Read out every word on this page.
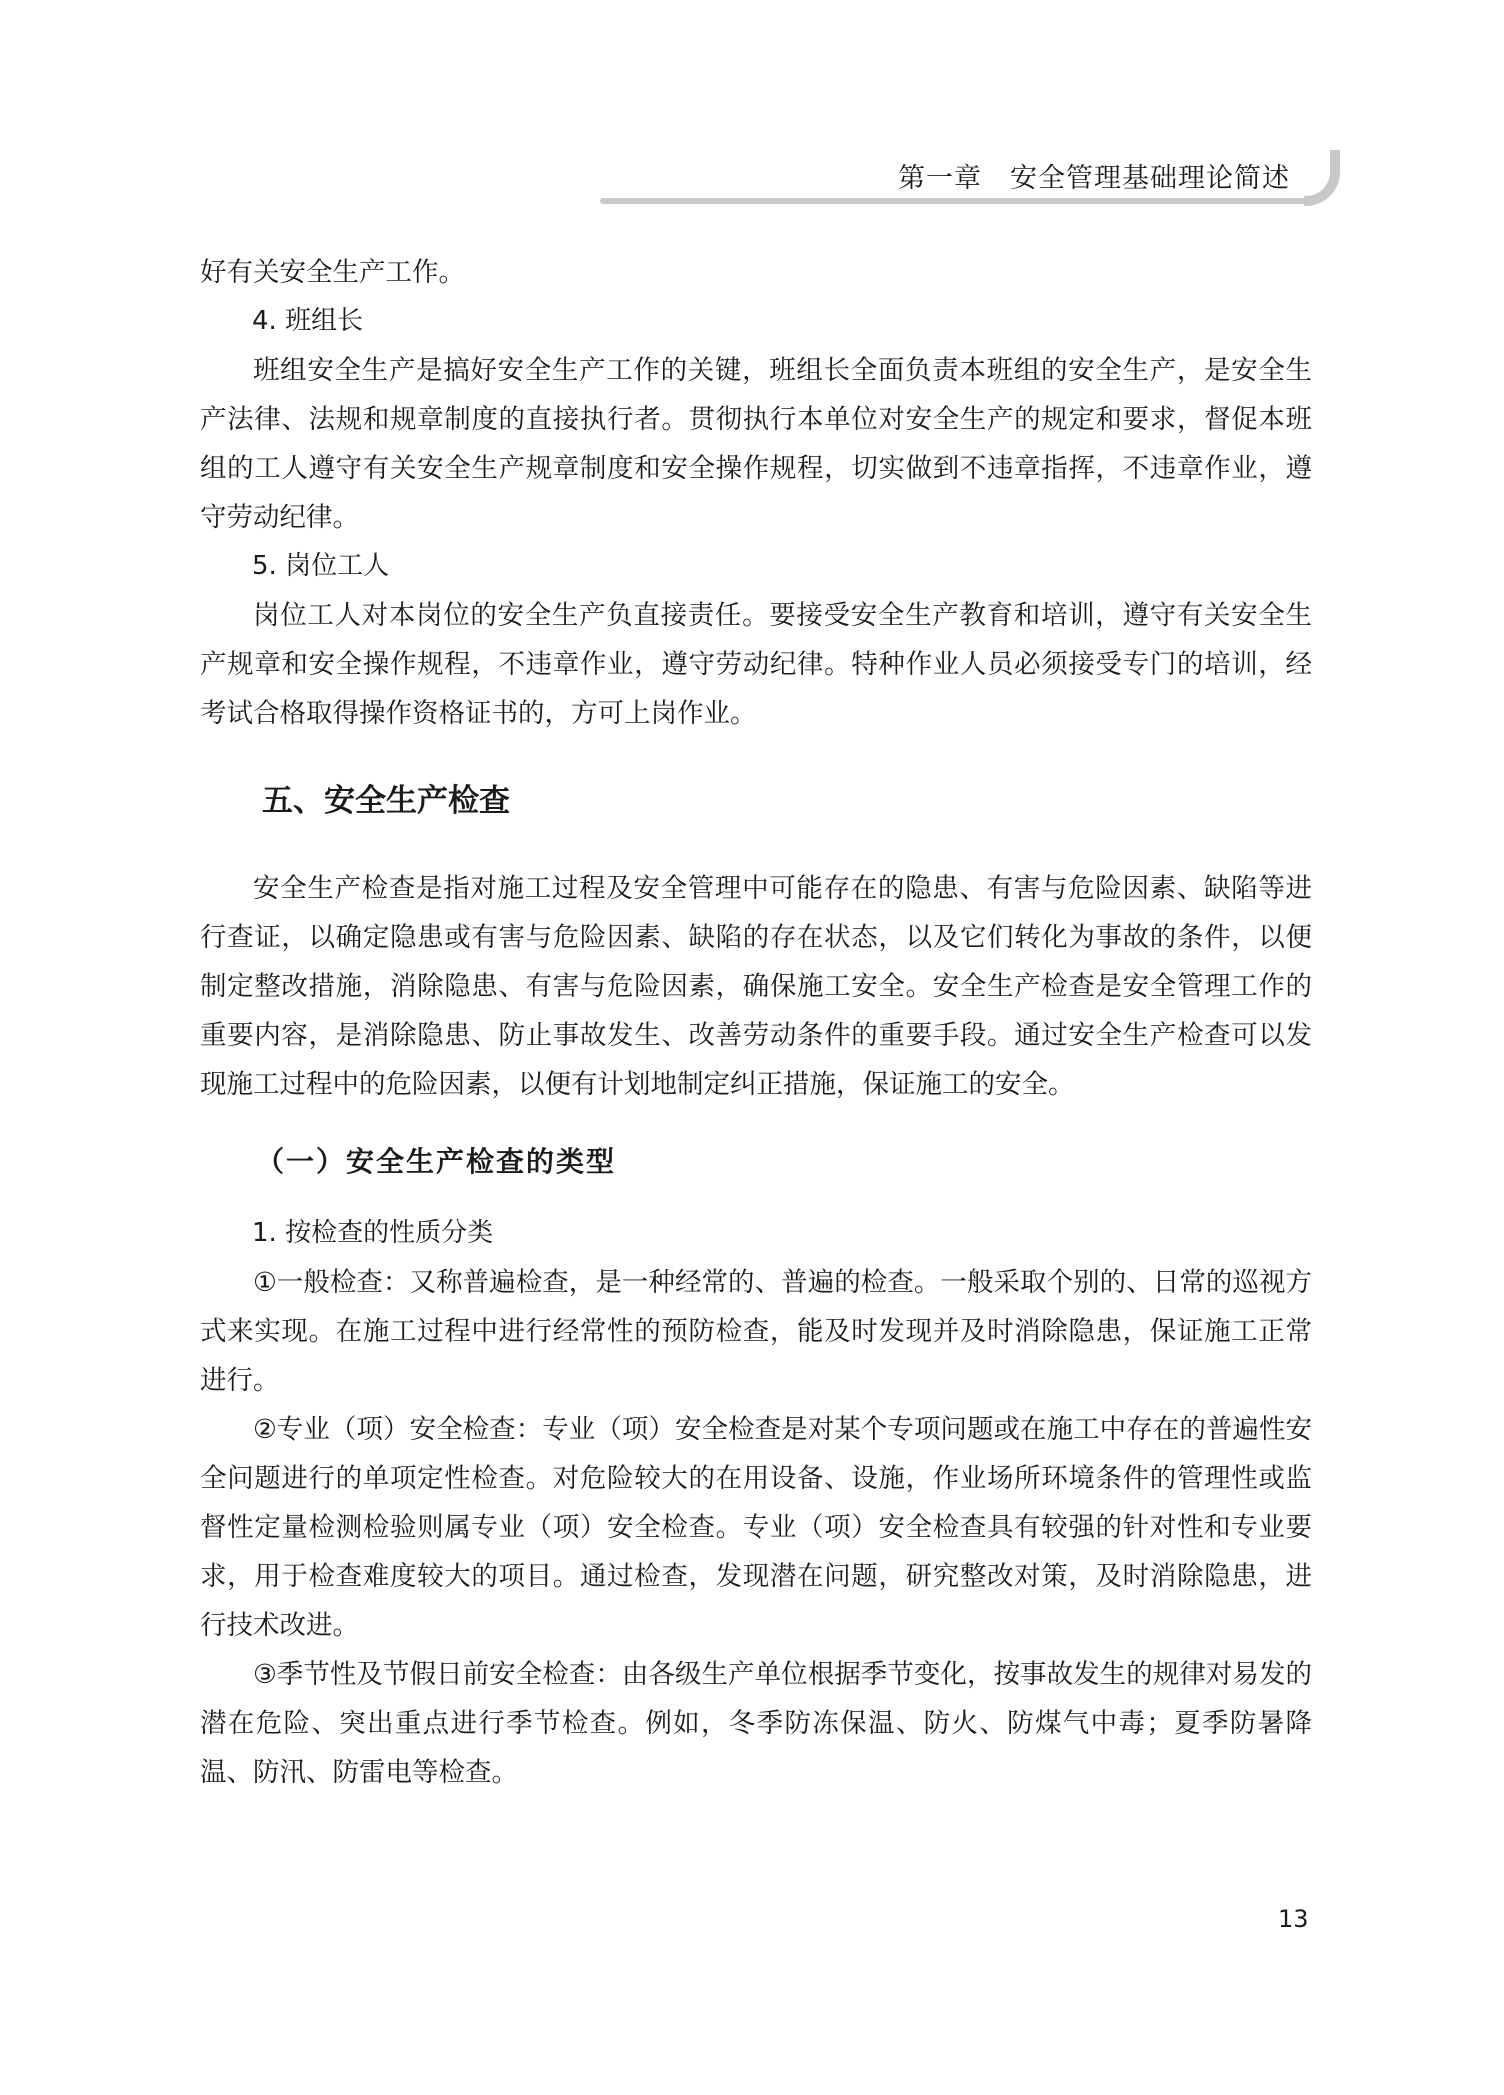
第一章 安全管理基础理论简述

好有关安全生产工作。

4. 班组长

班组安全生产是搞好安全生产工作的关键，班组长全面负责本班组的安全生产，是安全生产法律、法规和规章制度的直接执行者。贯彻执行本单位对安全生产的规定和要求，督促本班组的工人遵守有关安全生产规章制度和安全操作规程，切实做到不违章指挥，不违章作业，遵守劳动纪律。

5. 岗位工人

岗位工人对本岗位的安全生产负直接责任。要接受安全生产教育和培训，遵守有关安全生产规章和安全操作规程，不违章作业，遵守劳动纪律。特种作业人员必须接受专门的培训，经考试合格取得操作资格证书的，方可上岗作业。

五、安全生产检查

安全生产检查是指对施工过程及安全管理中可能存在的隐患、有害与危险因素、缺陷等进行查证，以确定隐患或有害与危险因素、缺陷的存在状态，以及它们转化为事故的条件，以便制定整改措施，消除隐患、有害与危险因素，确保施工安全。安全生产检查是安全管理工作的重要内容，是消除隐患、防止事故发生、改善劳动条件的重要手段。通过安全生产检查可以发现施工过程中的危险因素，以便有计划地制定纠正措施，保证施工的安全。

（一）安全生产检查的类型

1. 按检查的性质分类

①一般检查：又称普遍检查，是一种经常的、普遍的检查。一般采取个别的、日常的巡视方式来实现。在施工过程中进行经常性的预防检查，能及时发现并及时消除隐患，保证施工正常进行。

②专业（项）安全检查：专业（项）安全检查是对某个专项问题或在施工中存在的普遍性安全问题进行的单项定性检查。对危险较大的在用设备、设施，作业场所环境条件的管理性或监督性定量检测检验则属专业（项）安全检查。专业（项）安全检查具有较强的针对性和专业要求，用于检查难度较大的项目。通过检查，发现潜在问题，研究整改对策，及时消除隐患，进行技术改进。

③季节性及节假日前安全检查：由各级生产单位根据季节变化，按事故发生的规律对易发的潜在危险、突出重点进行季节检查。例如，冬季防冻保温、防火、防煤气中毒；夏季防暑降温、防汛、防雷电等检查。

13
